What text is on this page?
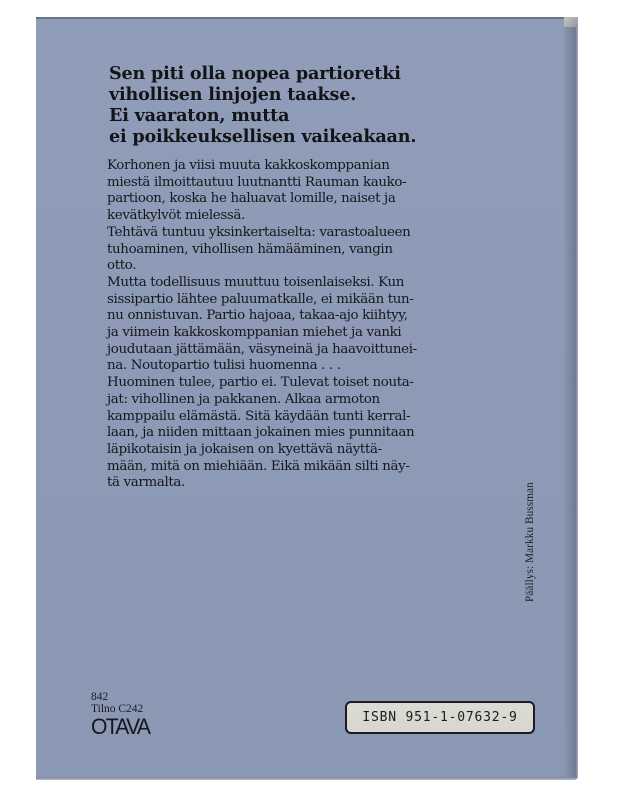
Sen piti olla nopea partioretki
vihollisen linjojen taakse.
Ei vaaraton, mutta
ei poikkeuksellisen vaikeakaan.
Korhonen ja viisi muuta kakkoskomppanian
miestä ilmoittautuu luutnantti Rauman kauko-
partioon, koska he haluavat lomille, naiset ja
kevätkylvöt mielessä.
Tehtävä tuntuu yksinkertaiselta: varastoalueen
tuhoaminen, vihollisen hämääminen, vangin
otto.
Mutta todellisuus muuttuu toisenlaiseksi. Kun
sissipartio lähtee paluumatkalle, ei mikään tun-
nu onnistuvan. Partio hajoaa, takaa-ajo kiihtyy,
ja viimein kakkoskomppanian miehet ja vanki
joudutaan jättämään, väsyneinä ja haavoittunei-
na. Noutopartio tulisi huomenna . . .
Huominen tulee, partio ei. Tulevat toiset nouta-
jat: vihollinen ja pakkanen. Alkaa armoton
kamppailu elämästä. Sitä käydään tunti kerral-
laan, ja niiden mittaan jokainen mies punnitaan
läpikotaisin ja jokaisen on kyettävä näyttä-
mään, mitä on miehiään. Eikä mikään silti näy-
tä varmalta.	Päällys: Markku Bussman
842
Tilno C242
OTAVA	ISBN 951-1-07632-9
